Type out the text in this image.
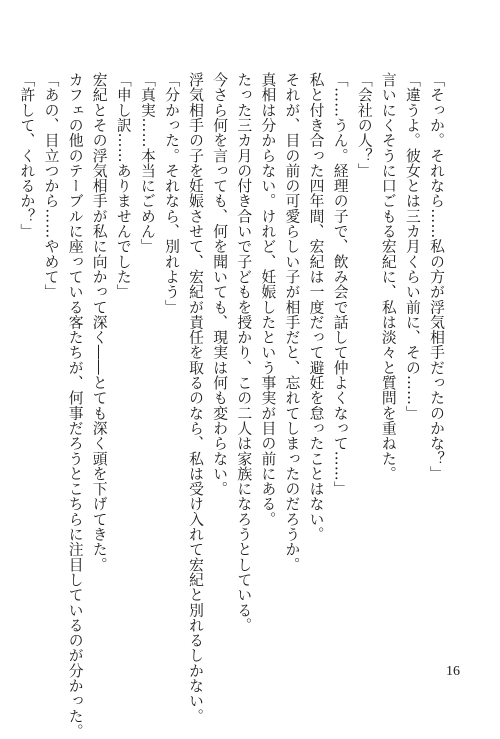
「そっか。それなら……私の方が浮気相手だったのかな？」
「違うよ。彼女とは三カ月くらい前に、その……」
言いにくそうに口ごもる宏紀に、私は淡々と質問を重ねた。
「会社の人？」
「……うん。経理の子で、飲み会で話して仲よくなって……」
私と付き合った四年間、宏紀は一度だって避妊を怠ったことはない。
それが、目の前の可愛らしい子が相手だと、忘れてしまったのだろうか。
真相は分からない。けれど、妊娠したという事実が目の前にある。
たった三カ月の付き合いで子どもを授かり、この二人は家族になろうとしている。
今さら何を言っても、何を聞いても、現実は何も変わらない。
浮気相手の子を妊娠させて、宏紀が責任を取るのなら、私は受け入れて宏紀と別れるしかない。
「分かった。それなら、別れよう」
「真実……本当にごめん」
「申し訳……ありませんでした」
宏紀とその浮気相手が私に向かって深く――とても深く頭を下げてきた。
カフェの他のテーブルに座っている客たちが、何事だろうとこちらに注目しているのが分かった。
「あの、目立つから……やめて」
「許して、くれるか？」
16
